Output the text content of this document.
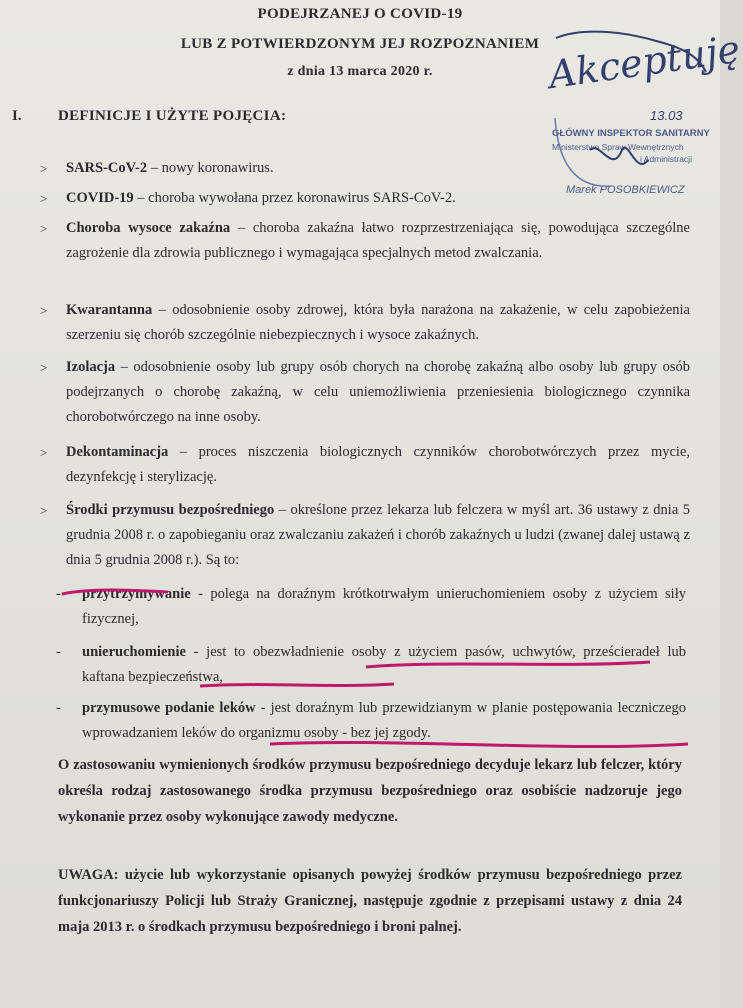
PODEJRZANEJ O COVID-19
LUB Z POTWIERDZONYM JEJ ROZPOZNANIEM
z dnia 13 marca 2020 r.	Akceptuję
13.03
GŁÓWNY INSPEKTOR SANITARNY
Ministerstwo Spraw Wewnętrznych
i Administracji
Marek POSOBKIEWICZ
I. DEFINICJE I UŻYTE POJĘCIA:
> SARS-CoV-2 – nowy koronawirus.
> COVID-19 – choroba wywołana przez koronawirus SARS-CoV-2.
> Choroba wysoce zakaźna – choroba zakaźna łatwo rozprzestrzeniająca się, powodująca szczególne zagrożenie dla zdrowia publicznego i wymagająca specjalnych metod zwalczania.
> Kwarantanna – odosobnienie osoby zdrowej, która była narażona na zakażenie, w celu zapobieżenia szerzeniu się chorób szczególnie niebezpiecznych i wysoce zakaźnych.
> Izolacja – odosobnienie osoby lub grupy osób chorych na chorobę zakaźną albo osoby lub grupy osób podejrzanych o chorobę zakaźną, w celu uniemożliwienia przeniesienia biologicznego czynnika chorobotwórczego na inne osoby.
> Dekontaminacja – proces niszczenia biologicznych czynników chorobotwórczych przez mycie, dezynfekcję i sterylizację.
> Środki przymusu bezpośredniego – określone przez lekarza lub felczera w myśl art. 36 ustawy z dnia 5 grudnia 2008 r. o zapobieganiu oraz zwalczaniu zakażeń i chorób zakaźnych u ludzi (zwanej dalej ustawą z dnia 5 grudnia 2008 r.). Są to:
- przytrzymywanie - polega na doraźnym krótkotrwałym unieruchomieniem osoby z użyciem siły fizycznej,
- unieruchomienie - jest to obezwładnienie osoby z użyciem pasów, uchwytów, prześcieradeł lub kaftana bezpieczeństwa,
- przymusowe podanie leków - jest doraźnym lub przewidzianym w planie postępowania leczniczego wprowadzaniem leków do organizmu osoby - bez jej zgody.
O zastosowaniu wymienionych środków przymusu bezpośredniego decyduje lekarz lub felczer, który określa rodzaj zastosowanego środka przymusu bezpośredniego oraz osobiście nadzoruje jego wykonanie przez osoby wykonujące zawody medyczne.
UWAGA: użycie lub wykorzystanie opisanych powyżej środków przymusu bezpośredniego przez funkcjonariuszy Policji lub Straży Granicznej, następuje zgodnie z przepisami ustawy z dnia 24 maja 2013 r. o środkach przymusu bezpośredniego i broni palnej.
